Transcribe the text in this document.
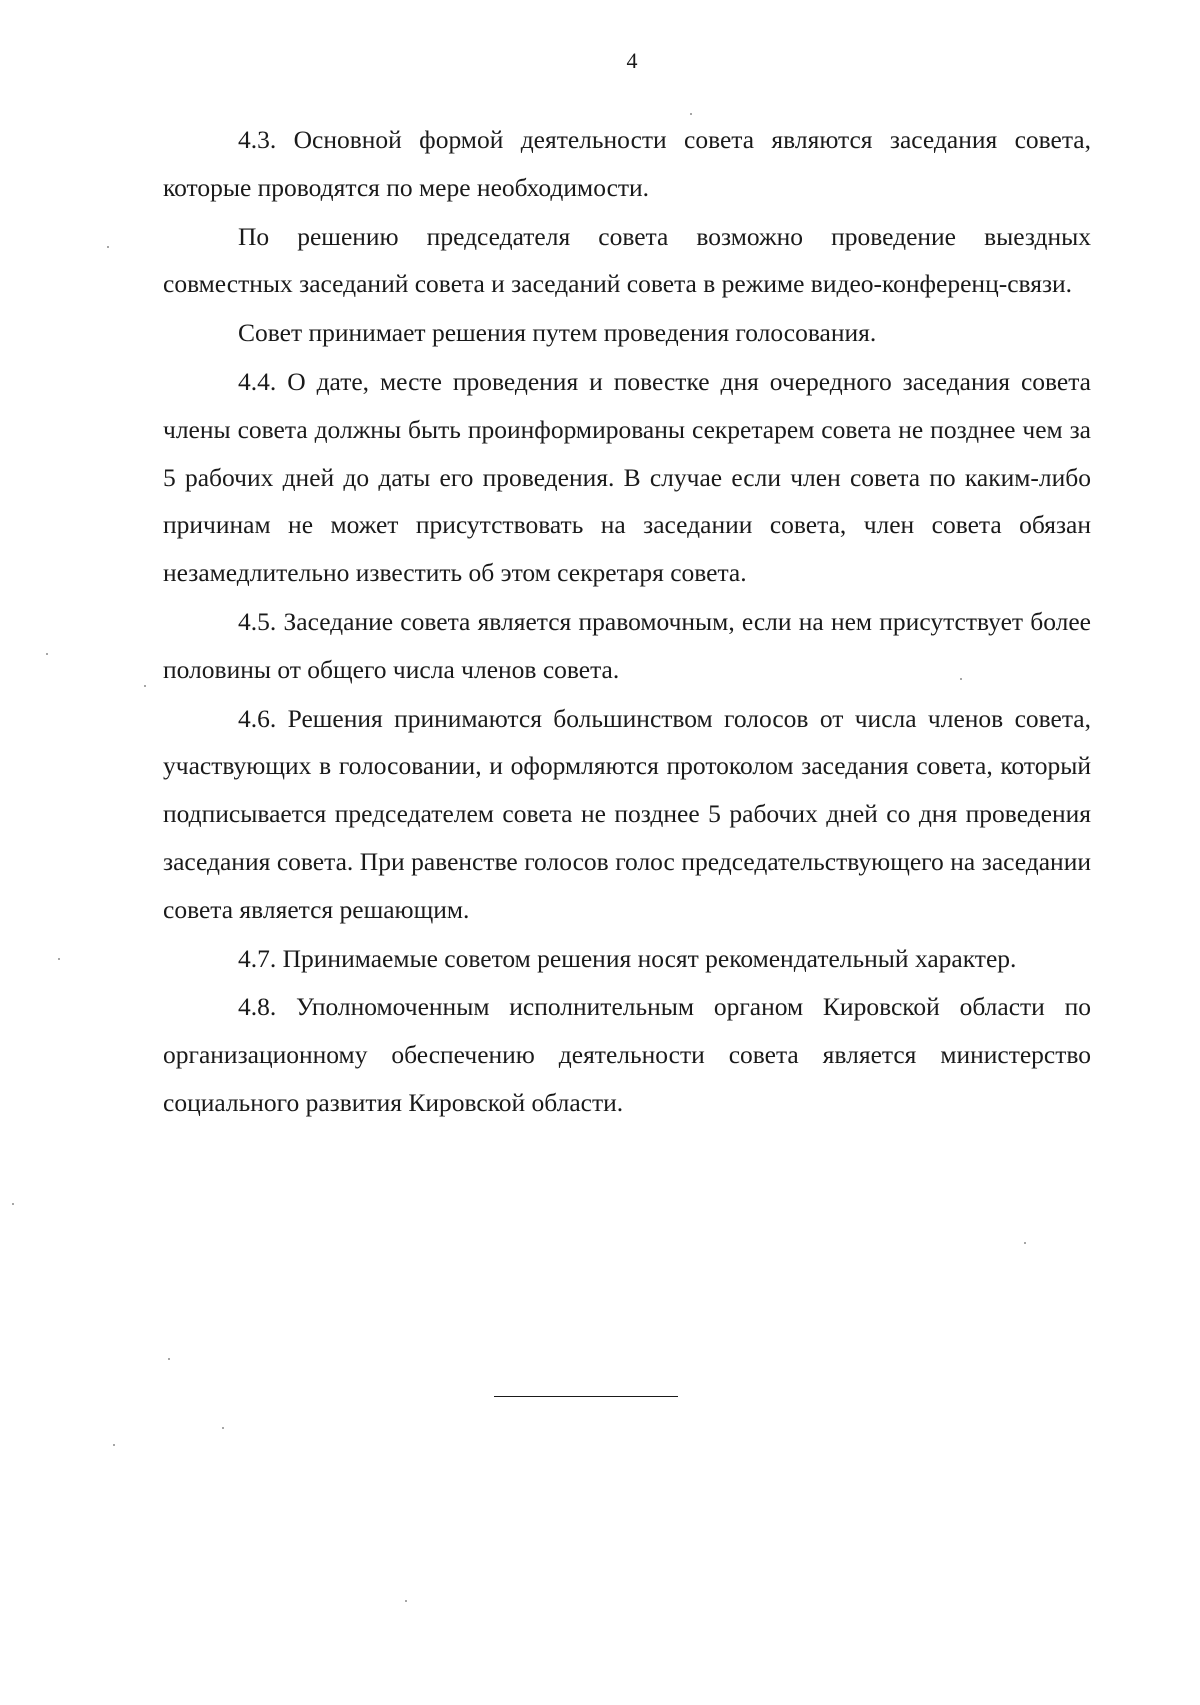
4

4.3. Основной формой деятельности совета являются заседания совета, которые проводятся по мере необходимости.

По решению председателя совета возможно проведение выездных совместных заседаний совета и заседаний совета в режиме видео-конференц-связи.

Совет принимает решения путем проведения голосования.

4.4. О дате, месте проведения и повестке дня очередного заседания совета члены совета должны быть проинформированы секретарем совета не позднее чем за 5 рабочих дней до даты его проведения. В случае если член совета по каким-либо причинам не может присутствовать на заседании совета, член совета обязан незамедлительно известить об этом секретаря совета.

4.5. Заседание совета является правомочным, если на нем присутствует более половины от общего числа членов совета.

4.6. Решения принимаются большинством голосов от числа членов совета, участвующих в голосовании, и оформляются протоколом заседания совета, который подписывается председателем совета не позднее 5 рабочих дней со дня проведения заседания совета. При равенстве голосов голос председательствующего на заседании совета является решающим.

4.7. Принимаемые советом решения носят рекомендательный характер.

4.8. Уполномоченным исполнительным органом Кировской области по организационному обеспечению деятельности совета является министерство социального развития Кировской области.
